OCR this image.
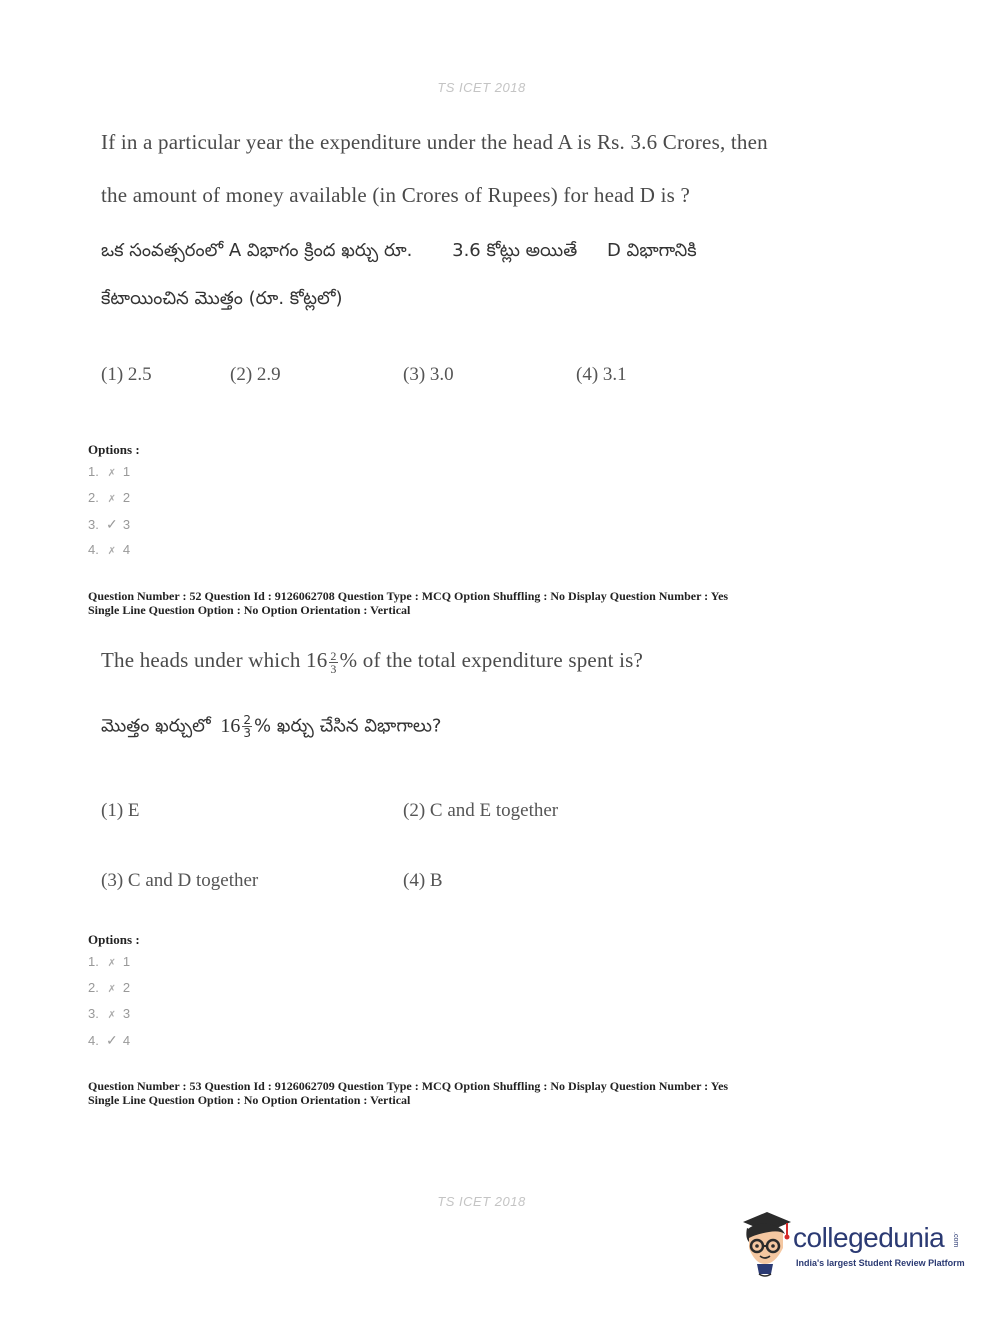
TS ICET 2018
If in a particular year the expenditure under the head A is Rs. 3.6 Crores, then
the amount of money available (in Crores of Rupees) for head D is ?
ఒక సంవత్సరంలో A విభాగం క్రింద ఖర్చు రూ. 3.6 కోట్లు అయితే D విభాగానికి
కేటాయించిన మొత్తం (రూ. కోట్లలో)
(1) 2.5	(2) 2.9	(3) 3.0	(4) 3.1
Options :
1. ✗ 1
2. ✗ 2
3. ✓ 3
4. ✗ 4
Question Number : 52 Question Id : 9126062708 Question Type : MCQ Option Shuffling : No Display Question Number : Yes
Single Line Question Option : No Option Orientation : Vertical
The heads under which $16 \frac{2}{3}$ % of the total expenditure spent is?
మొత్తం ఖర్చులో $16 \frac{2}{3}$ % ఖర్చు చేసిన విభాగాలు?
(1) E	(2) C and E together
(3) C and D together	(4) B
Options :
1. ✗ 1
2. ✗ 2
3. ✗ 3
4. ✓ 4
Question Number : 53 Question Id : 9126062709 Question Type : MCQ Option Shuffling : No Display Question Number : Yes
Single Line Question Option : No Option Orientation : Vertical
TS ICET 2018
collegedunia .com
India's largest Student Review Platform
